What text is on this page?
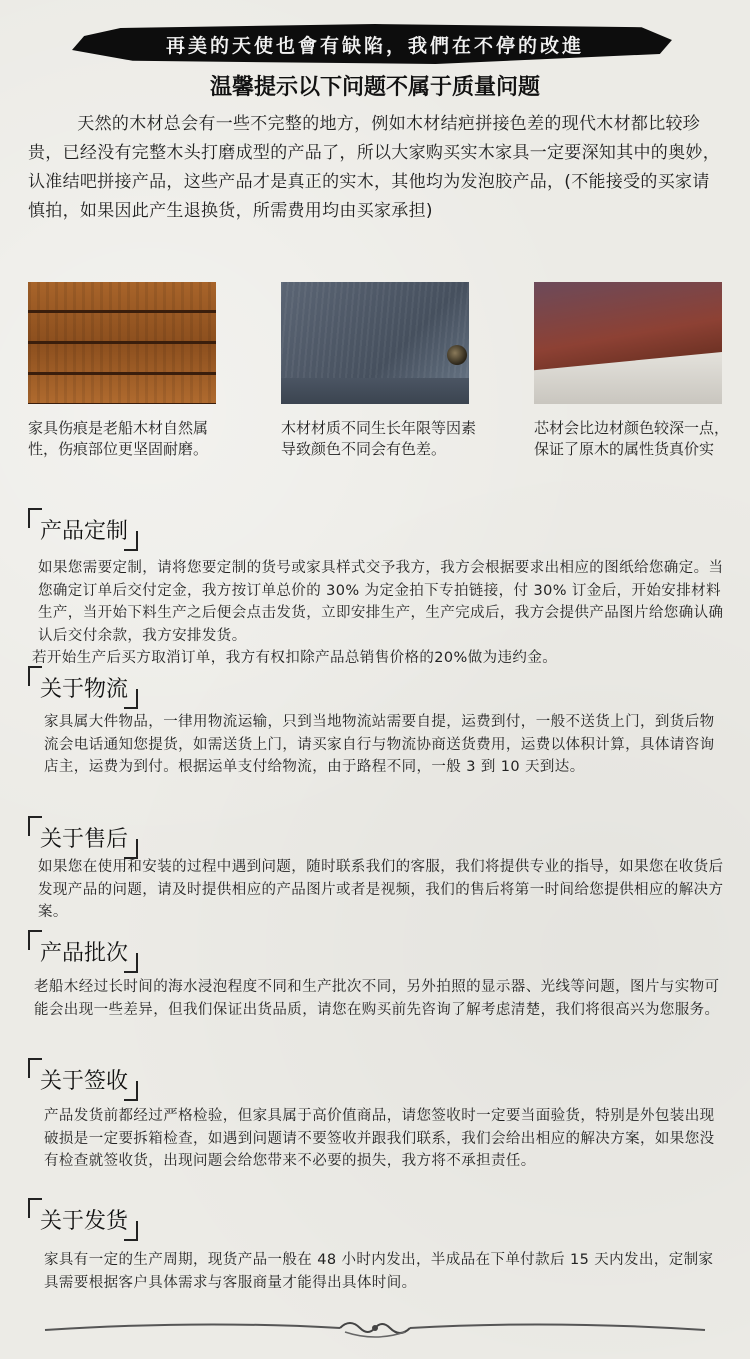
再美的天使也會有缺陷，我們在不停的改進
温馨提示以下问题不属于质量问题
天然的木材总会有一些不完整的地方，例如木材结疤拼接色差的现代木材都比较珍贵，已经没有完整木头打磨成型的产品了，所以大家购买实木家具一定要深知其中的奥妙，认准结吧拼接产品，这些产品才是真正的实木，其他均为发泡胶产品，(不能接受的买家请慎拍，如果因此产生退换货，所需费用均由买家承担)
家具伤痕是老船木材自然属性，伤痕部位更坚固耐磨。
木材材质不同生长年限等因素导致颜色不同会有色差。
芯材会比边材颜色较深一点，保证了原木的属性货真价实
产品定制
如果您需要定制，请将您要定制的货号或家具样式交予我方，我方会根据要求出相应的图纸给您确定。当您确定订单后交付定金，我方按订单总价的 30% 为定金拍下专拍链接，付 30% 订金后，开始安排材料生产，当开始下料生产之后便会点击发货，立即安排生产，生产完成后，我方会提供产品图片给您确认确认后交付余款，我方安排发货。
若开始生产后买方取消订单，我方有权扣除产品总销售价格的20%做为违约金。
关于物流
家具属大件物品，一律用物流运输，只到当地物流站需要自提，运费到付，一般不送货上门，到货后物流会电话通知您提货，如需送货上门，请买家自行与物流协商送货费用，运费以体积计算，具体请咨询店主，运费为到付。根据运单支付给物流，由于路程不同，一般 3 到 10 天到达。
关于售后
如果您在使用和安装的过程中遇到问题，随时联系我们的客服，我们将提供专业的指导，如果您在收货后发现产品的问题，请及时提供相应的产品图片或者是视频，我们的售后将第一时间给您提供相应的解决方案。
产品批次
老船木经过长时间的海水浸泡程度不同和生产批次不同，另外拍照的显示器、光线等问题，图片与实物可能会出现一些差异，但我们保证出货品质，请您在购买前先咨询了解考虑清楚，我们将很高兴为您服务。
关于签收
产品发货前都经过严格检验，但家具属于高价值商品，请您签收时一定要当面验货，特别是外包装出现破损是一定要拆箱检查，如遇到问题请不要签收并跟我们联系，我们会给出相应的解决方案，如果您没有检查就签收货，出现问题会给您带来不必要的损失，我方将不承担责任。
关于发货
家具有一定的生产周期，现货产品一般在 48 小时内发出，半成品在下单付款后 15 天内发出，定制家具需要根据客户具体需求与客服商量才能得出具体时间。
